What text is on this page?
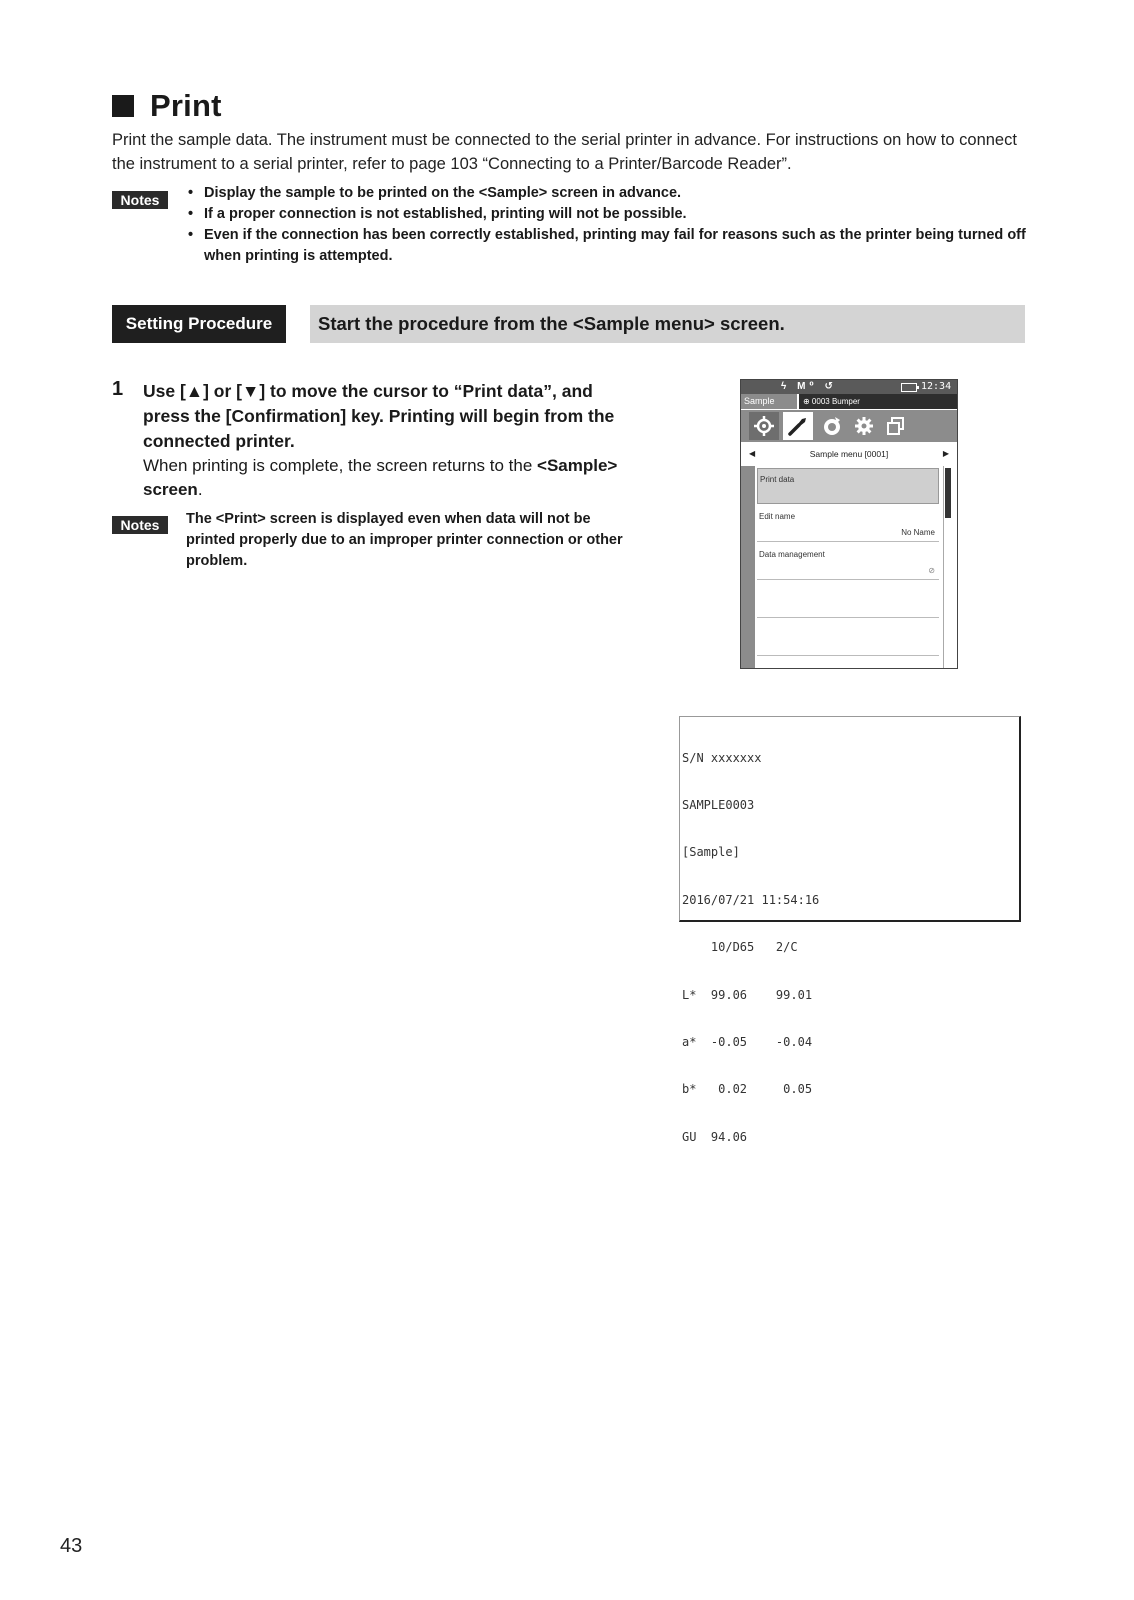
Print
Print the sample data. The instrument must be connected to the serial printer in advance. For instructions on how to connect the instrument to a serial printer, refer to page 103 “Connecting to a Printer/Barcode Reader”.
Notes
•	Display the sample to be printed on the <Sample> screen in advance.
• If a proper connection is not established, printing will not be possible.
• Even if the connection has been correctly established, printing may fail for reasons such as the printer being turned off when printing is attempted.
Setting Procedure	Start the procedure from the <Sample menu> screen.
1 Use [▲] or [▼] to move the cursor to “Print data”, and press the [Confirmation] key. Printing will begin from the connected printer.
When printing is complete, the screen returns to the <Sample> screen.
Notes	The <Print> screen is displayed even when data will not be printed properly due to an improper printer connection or other problem.
ϟ M⁰ ↺	12:34
Sample	⊕ 0003 Bumper
◀	Sample menu [0001]	▶
Print data
Edit name
No Name
Data management
⊘

S/N xxxxxxx

SAMPLE0003

[Sample]

2016/07/21 11:54:16

10/D65   2/C

L*  99.06    99.01

a*  -0.05    -0.04

b*   0.02     0.05

GU  94.06

43
